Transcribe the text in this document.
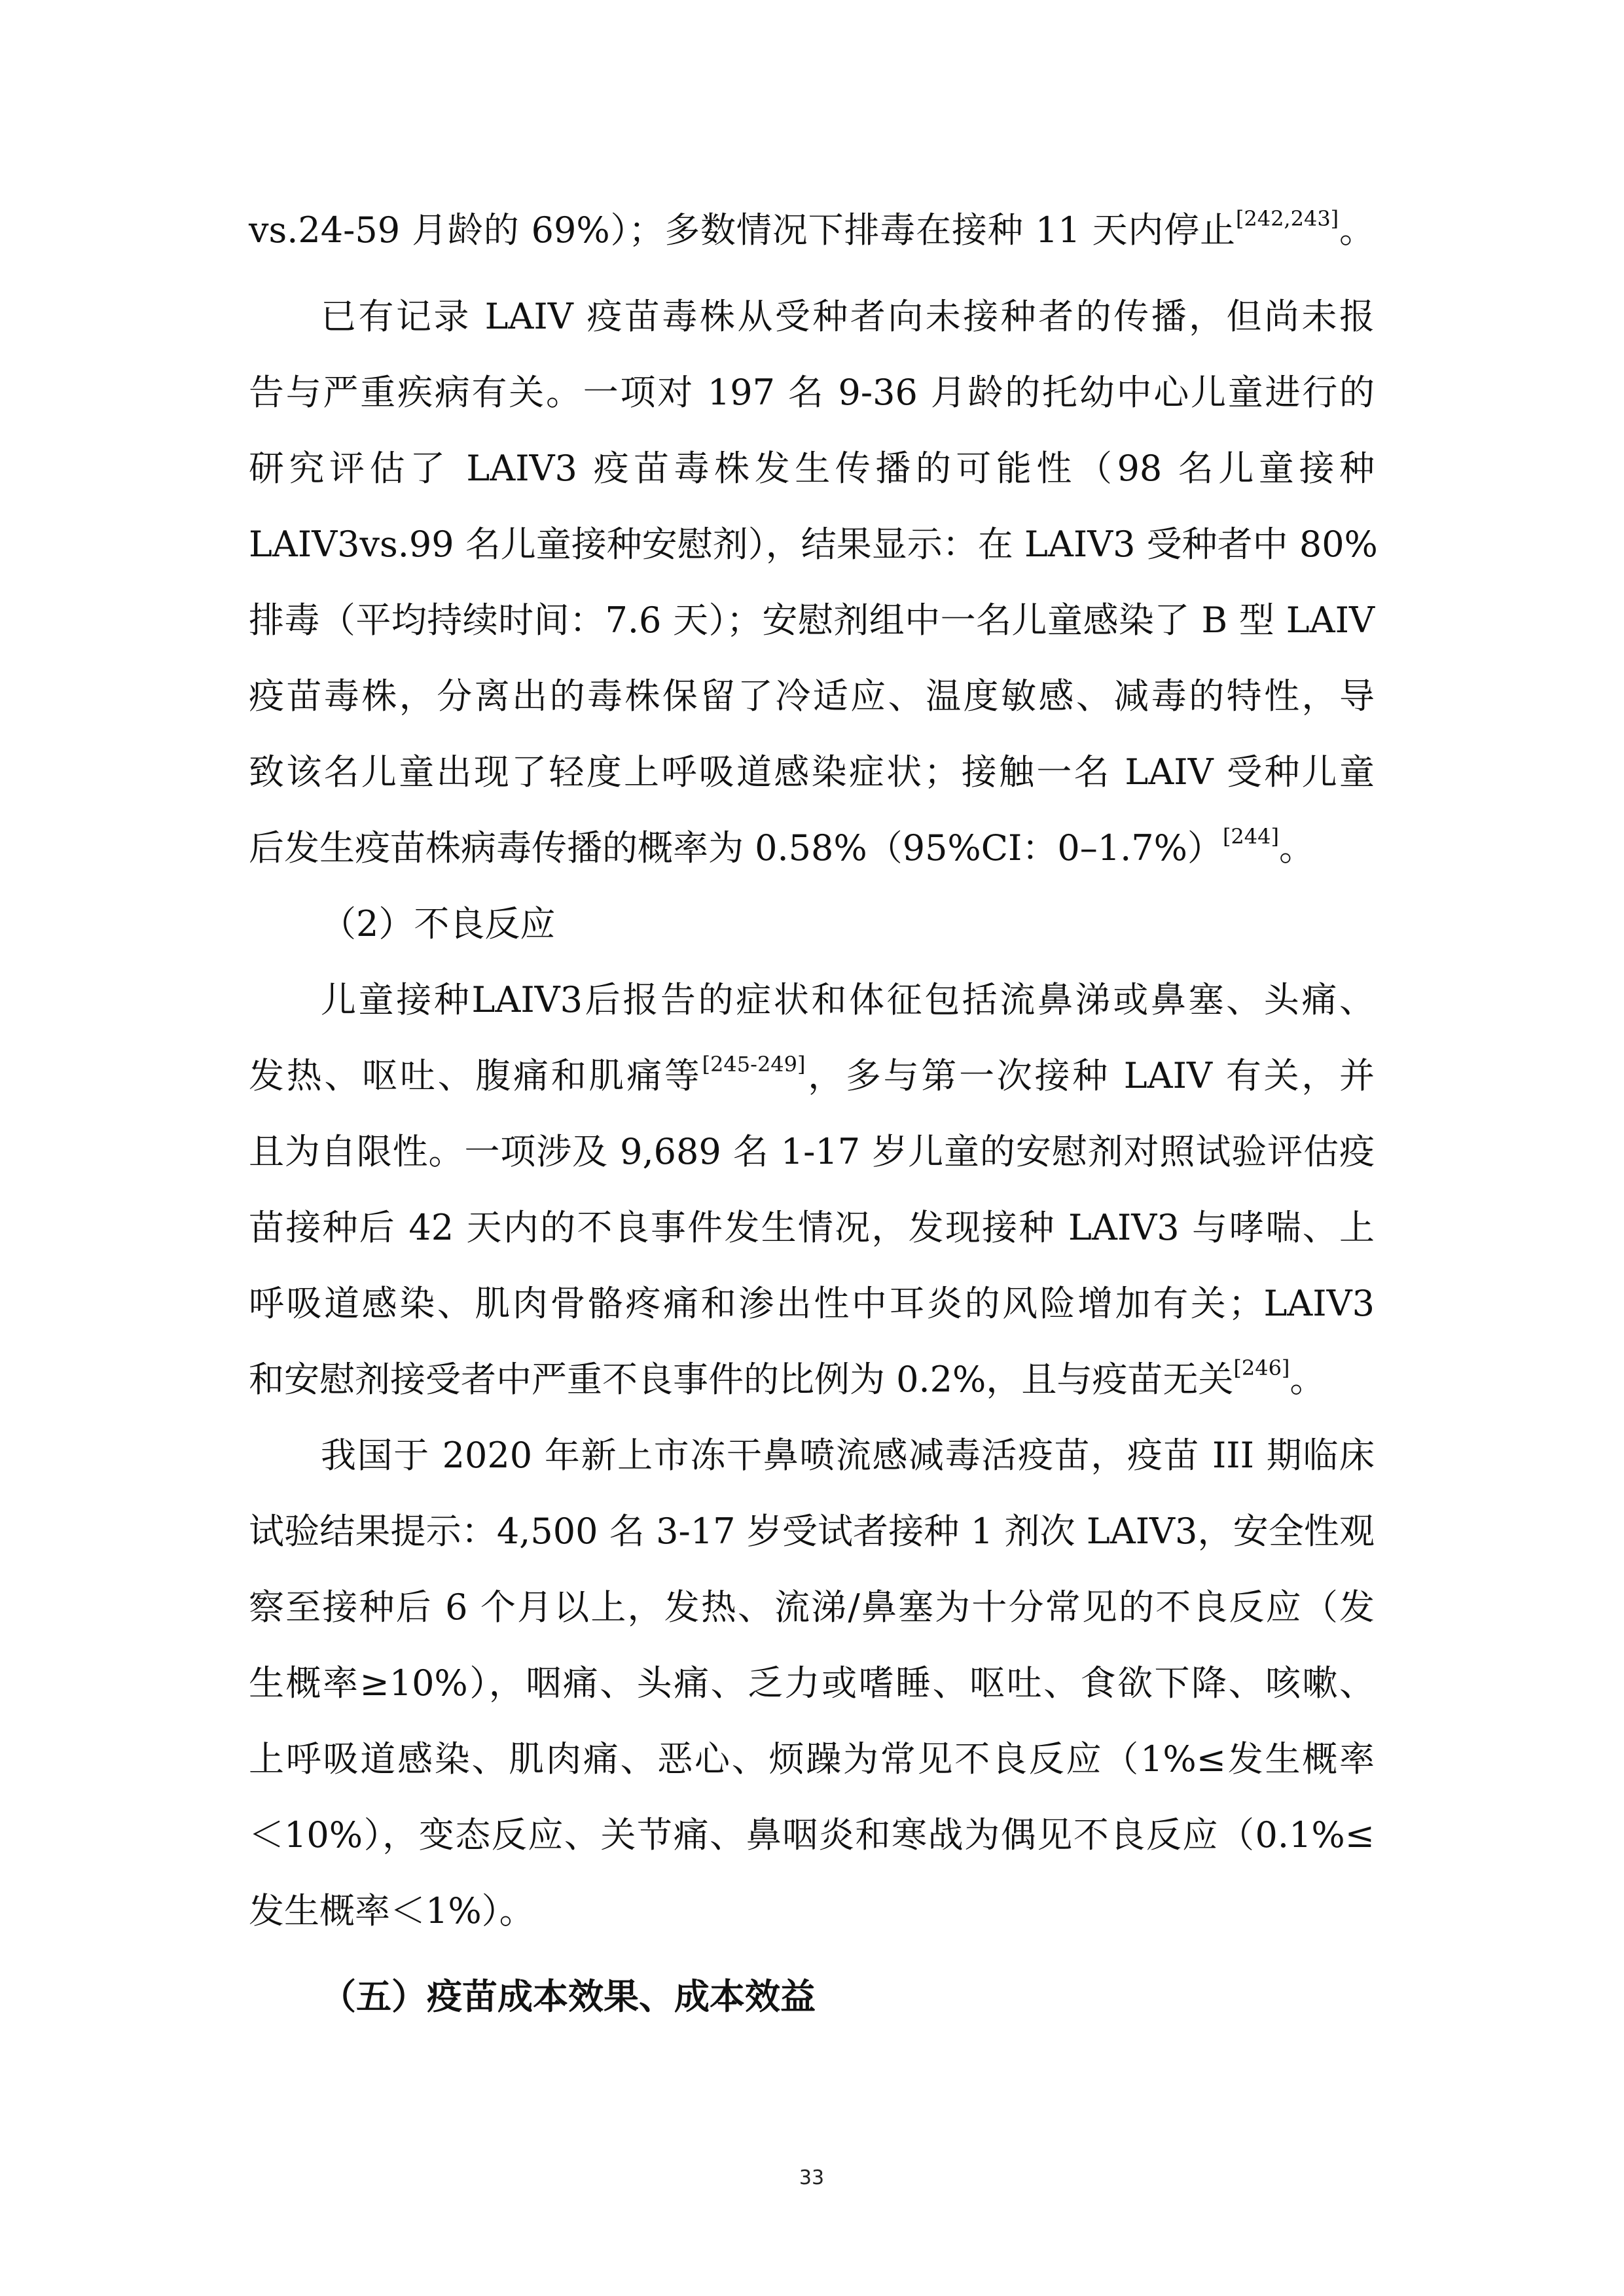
vs.24-59 月龄的 69%）；多数情况下排毒在接种 11 天内停止[242,243]。
已有记录 LAIV 疫苗毒株从受种者向未接种者的传播，但尚未报
告与严重疾病有关。一项对 197 名 9-36 月龄的托幼中心儿童进行的
研究评估了 LAIV3 疫苗毒株发生传播的可能性（98 名儿童接种
LAIV3vs.99 名儿童接种安慰剂），结果显示：在 LAIV3 受种者中 80%
排毒（平均持续时间：7.6 天）；安慰剂组中一名儿童感染了 B 型 LAIV
疫苗毒株，分离出的毒株保留了冷适应、温度敏感、减毒的特性，导
致该名儿童出现了轻度上呼吸道感染症状；接触一名 LAIV 受种儿童
后发生疫苗株病毒传播的概率为 0.58%（95%CI：0–1.7%）[244]。
（2）不良反应
儿童接种LAIV3后报告的症状和体征包括流鼻涕或鼻塞、头痛、
发热、呕吐、腹痛和肌痛等[245-249]，多与第一次接种 LAIV 有关，并
且为自限性。一项涉及 9,689 名 1-17 岁儿童的安慰剂对照试验评估疫
苗接种后 42 天内的不良事件发生情况，发现接种 LAIV3 与哮喘、上
呼吸道感染、肌肉骨骼疼痛和渗出性中耳炎的风险增加有关；LAIV3
和安慰剂接受者中严重不良事件的比例为 0.2%，且与疫苗无关[246]。
我国于 2020 年新上市冻干鼻喷流感减毒活疫苗，疫苗 III 期临床
试验结果提示：4,500 名 3-17 岁受试者接种 1 剂次 LAIV3，安全性观
察至接种后 6 个月以上，发热、流涕/鼻塞为十分常见的不良反应（发
生概率≥10%），咽痛、头痛、乏力或嗜睡、呕吐、食欲下降、咳嗽、
上呼吸道感染、肌肉痛、恶心、烦躁为常见不良反应（1%≤发生概率
＜10%），变态反应、关节痛、鼻咽炎和寒战为偶见不良反应（0.1%≤
发生概率＜1%）。
（五）疫苗成本效果、成本效益
33
